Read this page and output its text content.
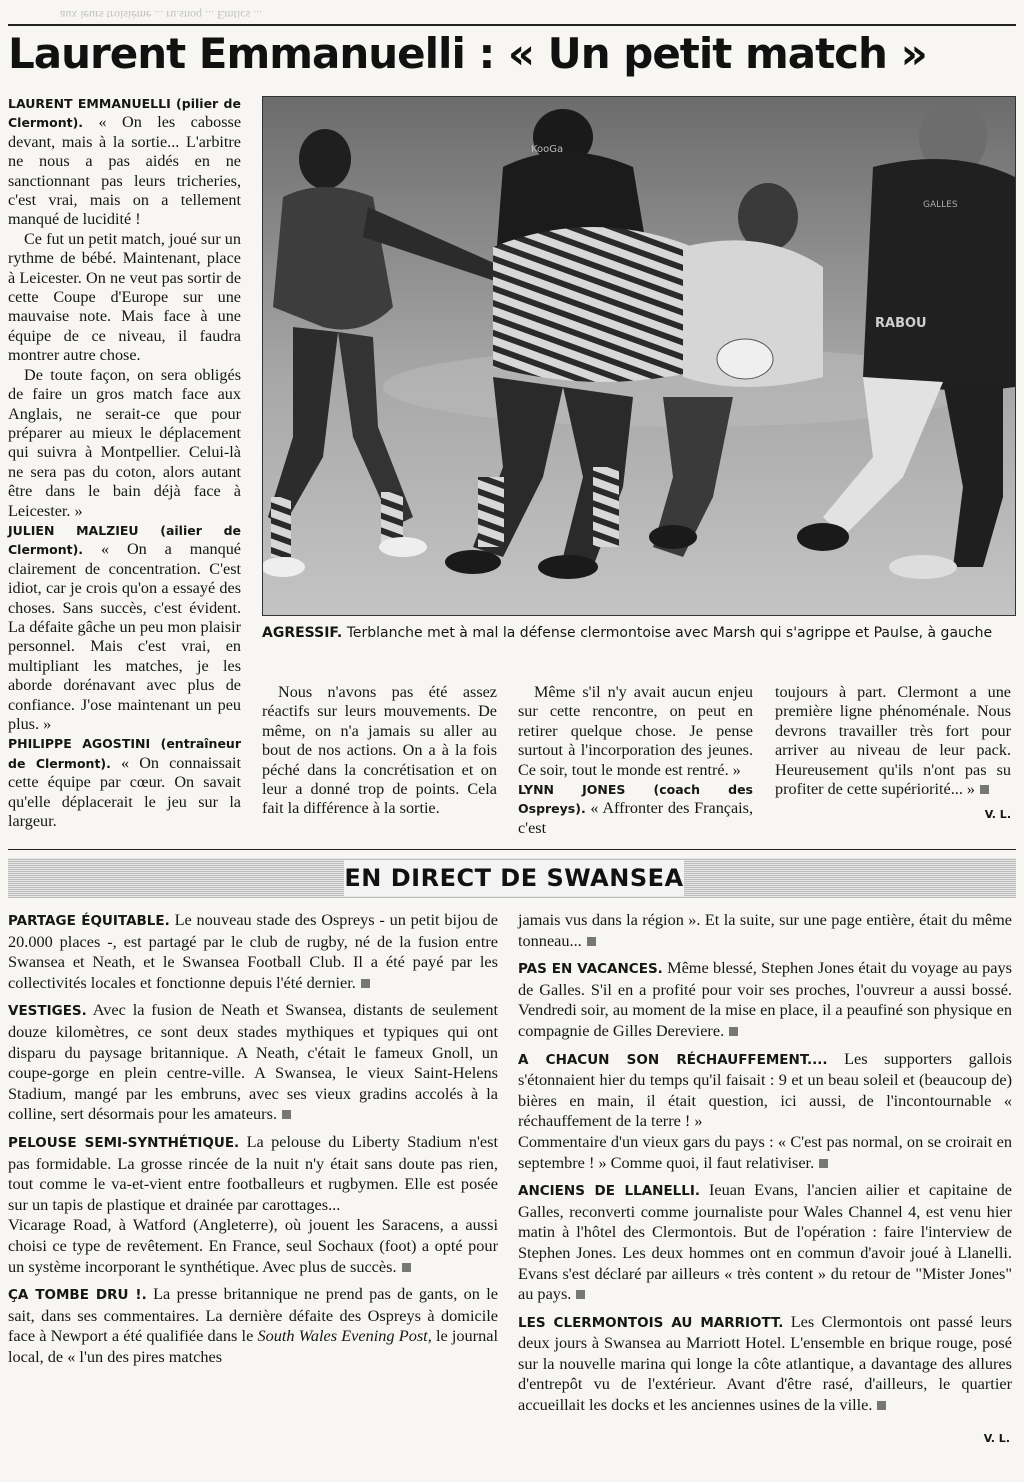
aux ieurs troisième ... ru.snoq ... Emtics ...
Laurent Emmanuelli : « Un petit match »

LAURENT EMMANUELLI (pilier de Clermont). « On les cabosse devant, mais à la sortie... L'arbitre ne nous a pas aidés en ne sanctionnant pas leurs tricheries, c'est vrai, mais on a tellement manqué de lucidité !

Ce fut un petit match, joué sur un rythme de bébé. Maintenant, place à Leicester. On ne veut pas sortir de cette Coupe d'Europe sur une mauvaise note. Mais face à une équipe de ce niveau, il faudra montrer autre chose.

De toute façon, on sera obligés de faire un gros match face aux Anglais, ne serait-ce que pour préparer au mieux le déplacement qui suivra à Montpellier. Celui-là ne sera pas du coton, alors autant être dans le bain déjà face à Leicester. »

JULIEN MALZIEU (ailier de Clermont). « On a manqué clairement de concentration. C'est idiot, car je crois qu'on a essayé des choses. Sans succès, c'est évident. La défaite gâche un peu mon plaisir personnel. Mais c'est vrai, en multipliant les matches, je les aborde dorénavant avec plus de confiance. J'ose maintenant un peu plus. »

PHILIPPE AGOSTINI (entraîneur de Clermont). « On connaissait cette équipe par cœur. On savait qu'elle déplacerait le jeu sur la largeur.

KooGa
RABOU
GALLES
AGRESSIF. Terblanche met à mal la défense clermontoise avec Marsh qui s'agrippe et Paulse, à gauche

Nous n'avons pas été assez réactifs sur leurs mouvements. De même, on n'a jamais su aller au bout de nos actions. On a à la fois péché dans la concrétisation et on leur a donné trop de points. Cela fait la différence à la sortie.

Même s'il n'y avait aucun enjeu sur cette rencontre, on peut en retirer quelque chose. Je pense surtout à l'incorporation des jeunes. Ce soir, tout le monde est rentré. »

LYNN JONES (coach des Ospreys). « Affronter des Français, c'est

toujours à part. Clermont a une première ligne phénoménale. Nous devrons travailler très fort pour arriver au niveau de leur pack. Heureusement qu'ils n'ont pas su profiter de cette supériorité... »

V. L.
EN DIRECT DE SWANSEA

PARTAGE ÉQUITABLE. Le nouveau stade des Ospreys - un petit bijou de 20.000 places -, est partagé par le club de rugby, né de la fusion entre Swansea et Neath, et le Swansea Football Club. Il a été payé par les collectivités locales et fonctionne depuis l'été dernier.

VESTIGES. Avec la fusion de Neath et Swansea, distants de seulement douze kilomètres, ce sont deux stades mythiques et typiques qui ont disparu du paysage britannique. A Neath, c'était le fameux Gnoll, un coupe-gorge en plein centre-ville. A Swansea, le vieux Saint-Helens Stadium, mangé par les embruns, avec ses vieux gradins accolés à la colline, sert désormais pour les amateurs.

PELOUSE SEMI-SYNTHÉTIQUE. La pelouse du Liberty Stadium n'est pas formidable. La grosse rincée de la nuit n'y était sans doute pas rien, tout comme le va-et-vient entre footballeurs et rugbymen. Elle est posée sur un tapis de plastique et drainée par carottages...

Vicarage Road, à Watford (Angleterre), où jouent les Saracens, a aussi choisi ce type de revêtement. En France, seul Sochaux (foot) a opté pour un système incorporant le synthétique. Avec plus de succès.

ÇA TOMBE DRU !. La presse britannique ne prend pas de gants, on le sait, dans ses commentaires. La dernière défaite des Ospreys à domicile face à Newport a été qualifiée dans le South Wales Evening Post, le journal local, de « l'un des pires matches

jamais vus dans la région ». Et la suite, sur une page entière, était du même tonneau...

PAS EN VACANCES. Même blessé, Stephen Jones était du voyage au pays de Galles. S'il en a profité pour voir ses proches, l'ouvreur a aussi bossé. Vendredi soir, au moment de la mise en place, il a peaufiné son physique en compagnie de Gilles Dereviere.

A CHACUN SON RÉCHAUFFEMENT.... Les supporters gallois s'étonnaient hier du temps qu'il faisait : 9 et un beau soleil et (beaucoup de) bières en main, il était question, ici aussi, de l'incontournable « réchauffement de la terre ! »

Commentaire d'un vieux gars du pays : « C'est pas normal, on se croirait en septembre ! » Comme quoi, il faut relativiser.

ANCIENS DE LLANELLI. Ieuan Evans, l'ancien ailier et capitaine de Galles, reconverti comme journaliste pour Wales Channel 4, est venu hier matin à l'hôtel des Clermontois. But de l'opération : faire l'interview de Stephen Jones. Les deux hommes ont en commun d'avoir joué à Llanelli. Evans s'est déclaré par ailleurs « très content » du retour de "Mister Jones" au pays.

LES CLERMONTOIS AU MARRIOTT. Les Clermontois ont passé leurs deux jours à Swansea au Marriott Hotel. L'ensemble en brique rouge, posé sur la nouvelle marina qui longe la côte atlantique, a davantage des allures d'entrepôt vu de l'extérieur. Avant d'être rasé, d'ailleurs, le quartier accueillait les docks et les anciennes usines de la ville.

V. L.
